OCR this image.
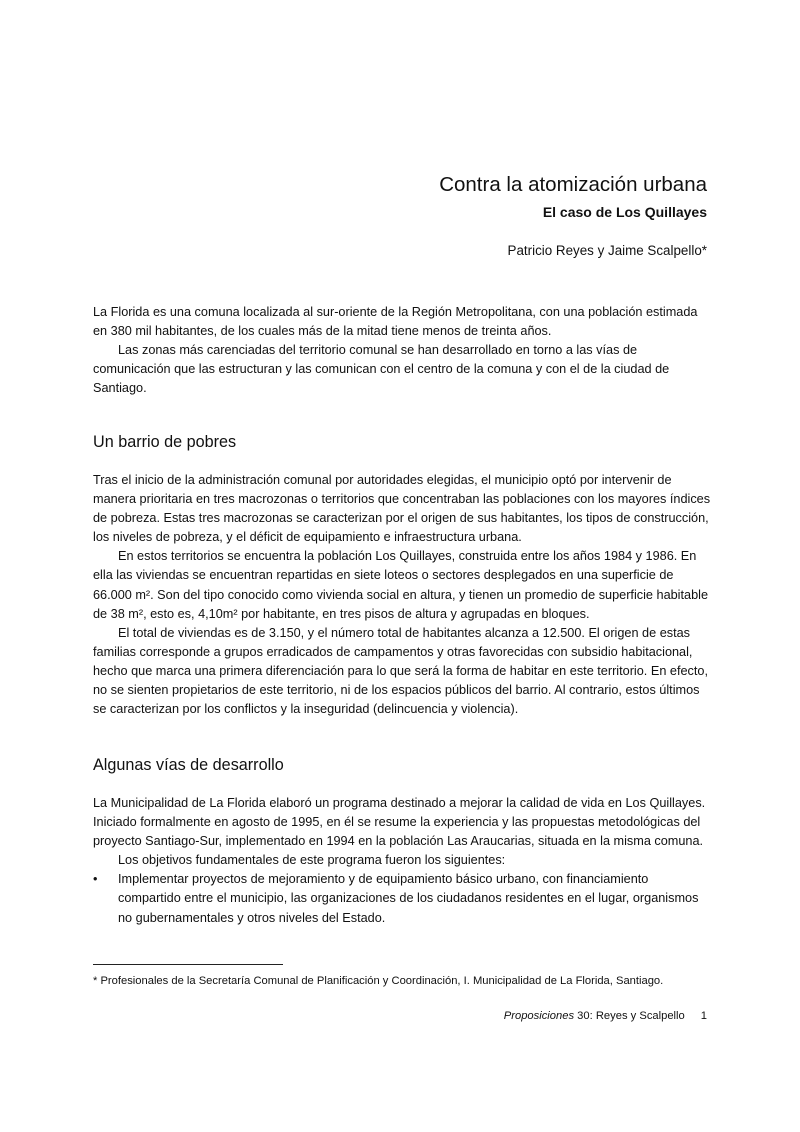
Contra la atomización urbana
El caso de Los Quillayes

Patricio Reyes y Jaime Scalpello*

La Florida es una comuna localizada al sur-oriente de la Región Metropolitana, con una población estimada en 380 mil habitantes, de los cuales más de la mitad tiene menos de treinta años.

Las zonas más carenciadas del territorio comunal se han desarrollado en torno a las vías de comunicación que las estructuran y las comunican con el centro de la comuna y con el de la ciudad de Santiago.

Un barrio de pobres

Tras el inicio de la administración comunal por autoridades elegidas, el municipio optó por intervenir de manera prioritaria en tres macrozonas o territorios que concentraban las poblaciones con los mayores índices de pobreza. Estas tres macrozonas se caracterizan por el origen de sus habitantes, los tipos de construcción, los niveles de pobreza, y el déficit de equipamiento e infraestructura urbana.

En estos territorios se encuentra la población Los Quillayes, construida entre los años 1984 y 1986. En ella las viviendas se encuentran repartidas en siete loteos o sectores desplegados en una superficie de 66.000 m². Son del tipo conocido como vivienda social en altura, y tienen un promedio de superficie habitable de 38 m², esto es, 4,10m² por habitante, en tres pisos de altura y agrupadas en bloques.

El total de viviendas es de 3.150, y el número total de habitantes alcanza a 12.500. El origen de estas familias corresponde a grupos erradicados de campamentos y otras favorecidas con subsidio habitacional, hecho que marca una primera diferenciación para lo que será la forma de habitar en este territorio. En efecto, no se sienten propietarios de este territorio, ni de los espacios públicos del barrio. Al contrario, estos últimos se caracterizan por los conflictos y la inseguridad (delincuencia y violencia).

Algunas vías de desarrollo

La Municipalidad de La Florida elaboró un programa destinado a mejorar la calidad de vida en Los Quillayes. Iniciado formalmente en agosto de 1995, en él se resume la experiencia y las propuestas metodológicas del proyecto Santiago-Sur, implementado en 1994 en la población Las Araucarias, situada en la misma comuna.

Los objetivos fundamentales de este programa fueron los siguientes:

•	Implementar proyectos de mejoramiento y de equipamiento básico urbano, con financiamiento compartido entre el municipio, las organizaciones de los ciudadanos residentes en el lugar, organismos no gubernamentales y otros niveles del Estado.

* Profesionales de la Secretaría Comunal de Planificación y Coordinación, I. Municipalidad de La Florida, Santiago.

Proposiciones 30: Reyes y Scalpello 1
